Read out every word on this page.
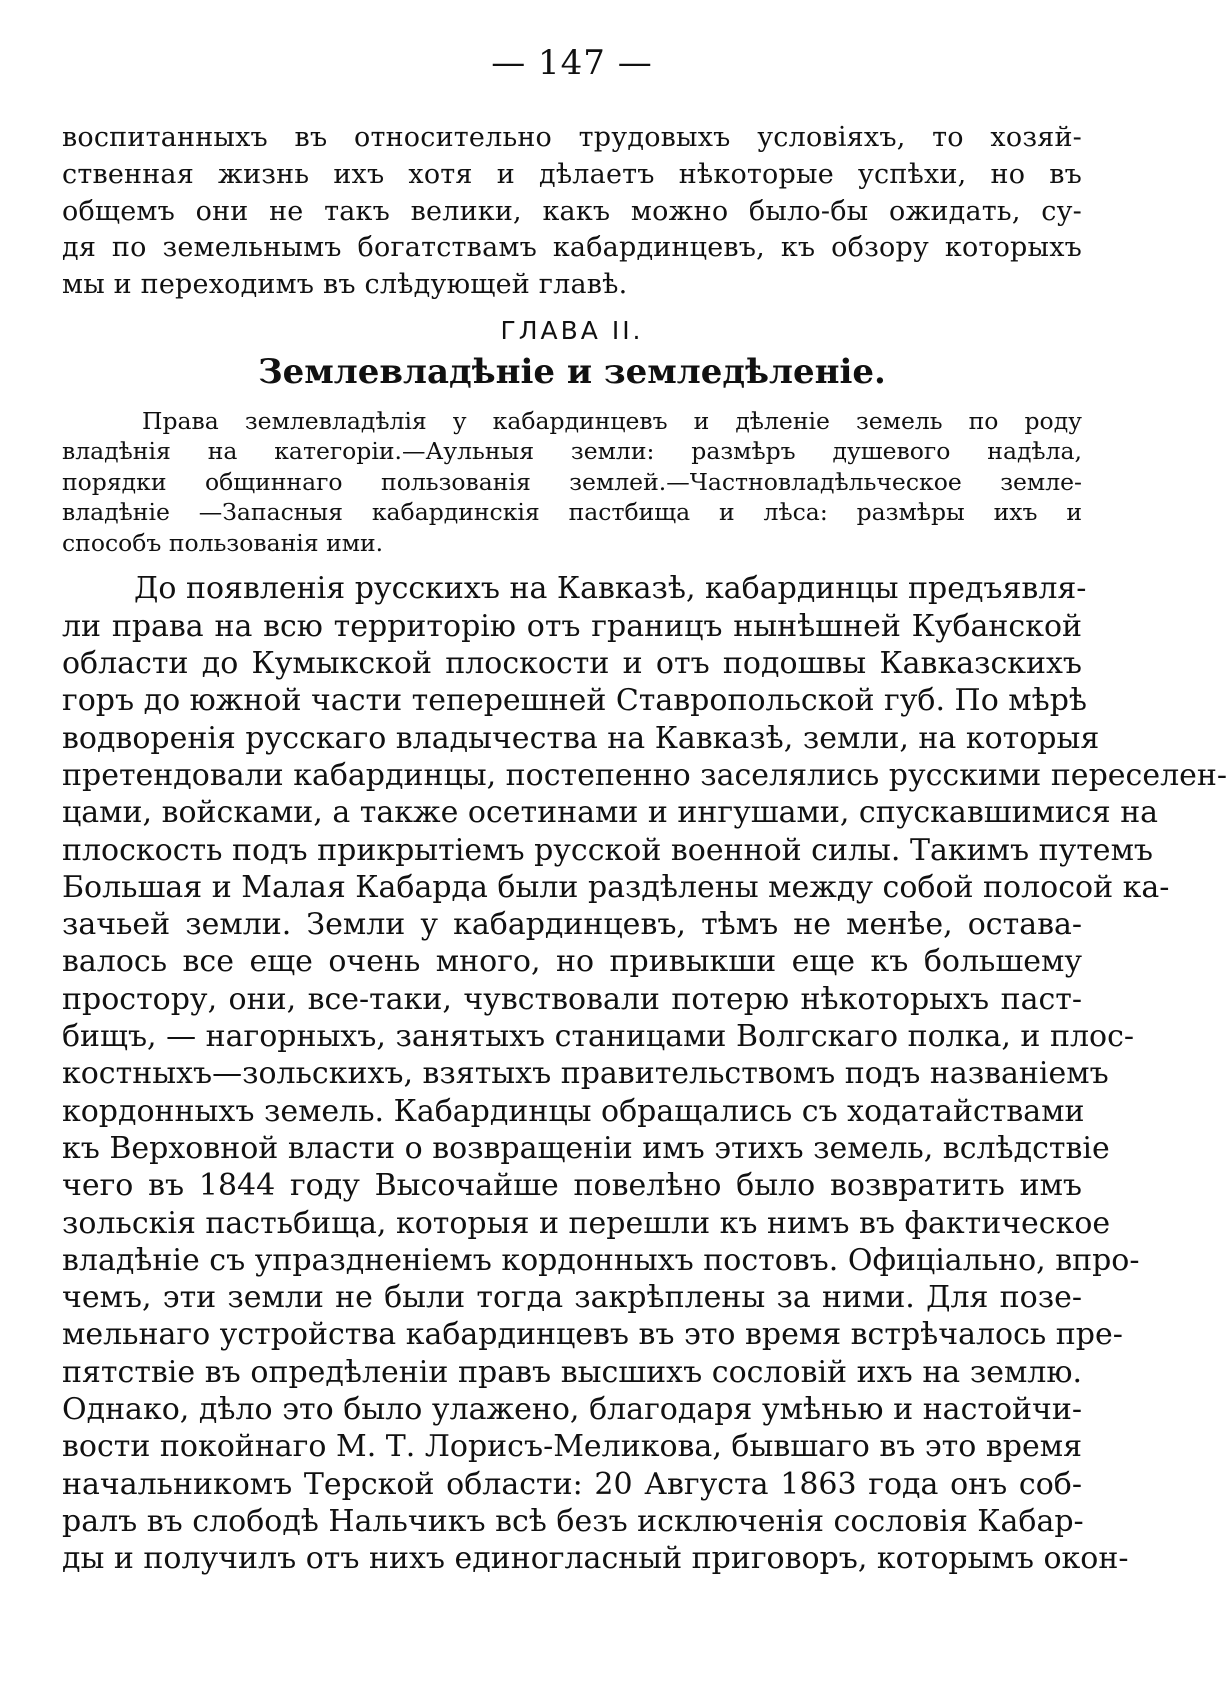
— 147 —
воспитанныхъ въ относительно трудовыхъ условіяхъ, то хозяй-
ственная жизнь ихъ хотя и дѣлаетъ нѣкоторые успѣхи, но въ
общемъ они не такъ велики, какъ можно было-бы ожидать, су-
дя по земельнымъ богатствамъ кабардинцевъ, къ обзору которыхъ
мы и переходимъ въ слѣдующей главѣ.
ГЛАВА II.
Землевладѣніе и земледѣленіе.
Права землевладѣлія у кабардинцевъ и дѣленіе земель по роду
владѣнія на категоріи.—Аульныя земли: размѣръ душевого надѣла,
порядки общиннаго пользованія землей.—Частновладѣльческое земле-
владѣніе —Запасныя кабардинскія пастбища и лѣса: размѣры ихъ и
способъ пользованія ими.
До появленія русскихъ на Кавказѣ, кабардинцы предъявля-
ли права на всю территорію отъ границъ нынѣшней Кубанской
области до Кумыкской плоскости и отъ подошвы Кавказскихъ
горъ до южной части теперешней Ставропольской губ. По мѣрѣ
водворенія русскаго владычества на Кавказѣ, земли, на которыя
претендовали кабардинцы, постепенно заселялись русскими переселен-
цами, войсками, а также осетинами и ингушами, спускавшимися на
плоскость подъ прикрытіемъ русской военной силы. Такимъ путемъ
Большая и Малая Кабарда были раздѣлены между собой полосой ка-
зачьей земли. Земли у кабардинцевъ, тѣмъ не менѣе, остава-
валось все еще очень много, но привыкши еще къ большему
простору, они, все-таки, чувствовали потерю нѣкоторыхъ паст-
бищъ, — нагорныхъ, занятыхъ станицами Волгскаго полка, и плос-
костныхъ—зольскихъ, взятыхъ правительствомъ подъ названіемъ
кордонныхъ земель. Кабардинцы обращались съ ходатайствами
къ Верховной власти о возвращеніи имъ этихъ земель, вслѣдствіе
чего въ 1844 году Высочайше повелѣно было возвратить имъ
зольскія пастьбища, которыя и перешли къ нимъ въ фактическое
владѣніе съ упраздненіемъ кордонныхъ постовъ. Офиціально, впро-
чемъ, эти земли не были тогда закрѣплены за ними. Для позе-
мельнаго устройства кабардинцевъ въ это время встрѣчалось пре-
пятствіе въ опредѣленіи правъ высшихъ сословій ихъ на землю.
Однако, дѣло это было улажено, благодаря умѣнью и настойчи-
вости покойнаго М. Т. Лорисъ-Меликова, бывшаго въ это время
начальникомъ Терской области: 20 Августа 1863 года онъ соб-
ралъ въ слободѣ Нальчикъ всѣ безъ исключенія сословія Кабар-
ды и получилъ отъ нихъ единогласный приговоръ, которымъ окон-
